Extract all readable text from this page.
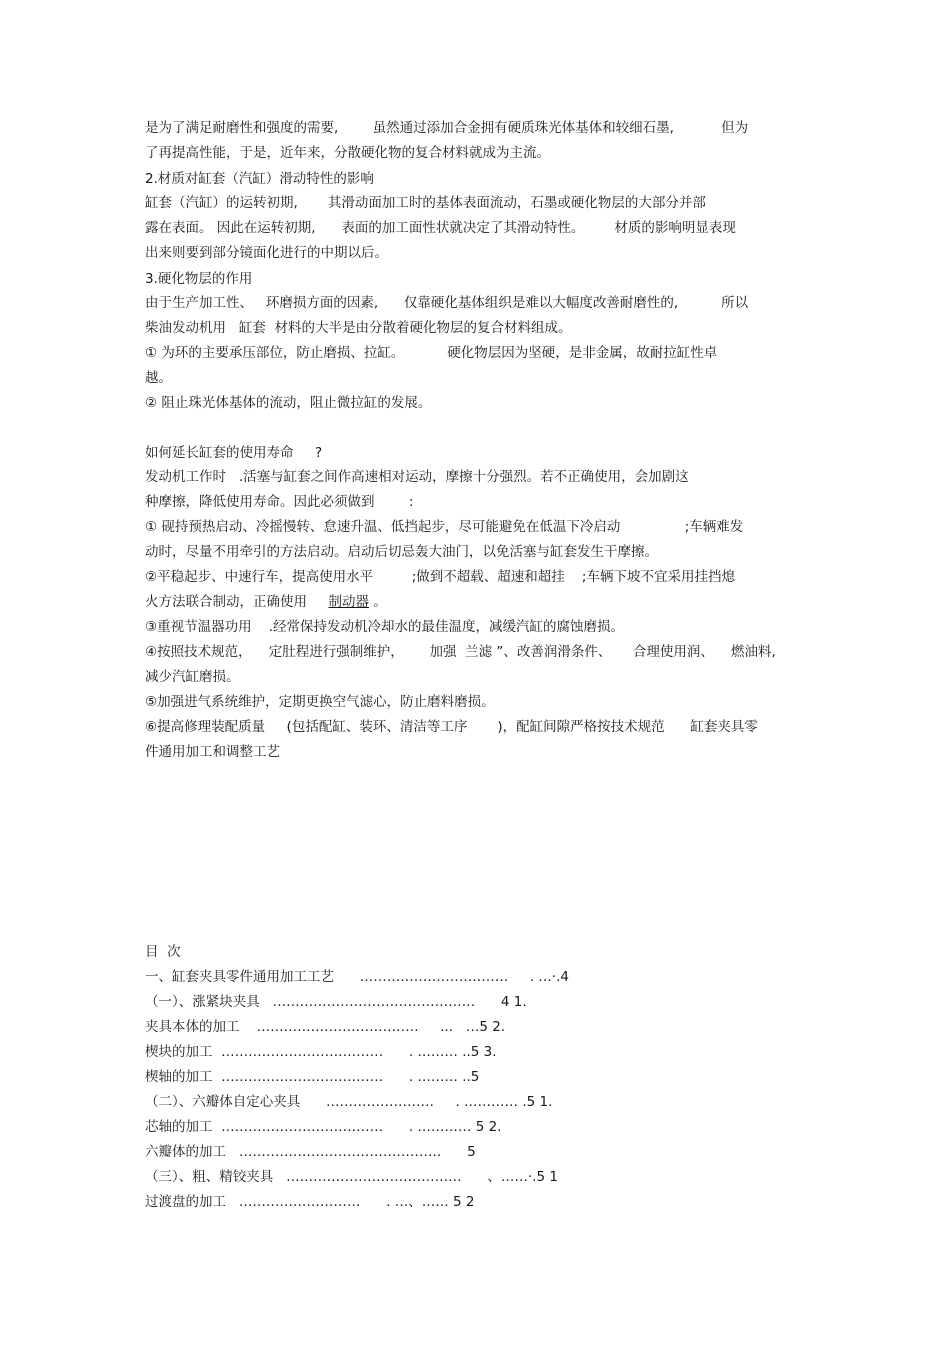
是为了满足耐磨性和强度的需要,        虽然通过添加合金拥有硬质珠光体基体和较细石墨,           但为
了再提高性能，于是，近年来，分散硬化物的复合材料就成为主流。
2.材质对缸套（汽缸）滑动特性的影响
缸套（汽缸）的运转初期,       其滑动面加工时的基体表面流动，石墨或硬化物层的大部分并部
露在表面。 因此在运转初期,      表面的加工面性状就决定了其滑动特性。       材质的影响明显表现
出来则要到部分镜面化进行的中期以后。
3.硬化物层的作用
由于生产加工性、   环磨损方面的因素,      仅靠硬化基体组织是难以大幅度改善耐磨性的,          所以
柴油发动机用   缸套  材料的大半是由分散着硬化物层的复合材料组成。
① 为环的主要承压部位，防止磨损、拉缸。          硬化物层因为坚硬，是非金属，故耐拉缸性卓
越。
② 阻止珠光体基体的流动，阻止微拉缸的发展。
如何延长缸套的使用寿命     ?
发动机工作时   .活塞与缸套之间作高速相对运动，摩擦十分强烈。若不正确使用，会加剧这
种摩擦，降低使用寿命。因此必须做到        :
① 砚持预热启动、冷摇慢转、怠速升温、低挡起步，尽可能避免在低温下冷启动               ;车辆难发
动时，尽量不用牵引的方法启动。启动后切忌轰大油门，以免活塞与缸套发生干摩擦。
②平稳起步、中速行车，提高使用水平         ;做到不超载、超速和超挂    ;车辆下坡不宜采用挂挡熄
火方法联合制动，正确使用     制动器 。
③重视节温器功用    .经常保持发动机冷却水的最佳温度，减缓汽缸的腐蚀磨损。
④按照技术规范，    定肚程进行强制维护，      加强  兰滤 ”、改善润滑条件、     合理使用润、    燃油料,
减少汽缸磨损。
⑤加强进气系统维护，定期更换空气滤心，防止磨料磨损。
⑥提高修理装配质量     (包括配缸、装环、清洁等工序       )，配缸间隙严格按技术规范      缸套夹具零
件通用加工和调整工艺
目  次
一、缸套夹具零件通用加工工艺      ……………………………     . …·.4
（一）、涨紧块夹具   ………………………………………      4 1.
夹具本体的加工    ………………………………     ...   …5 2.
楔块的加工  ………………………………      . ……… ..5 3.
楔轴的加工  ………………………………      . ……… ..5
（二）、六瓣体自定心夹具      ……………………     . ………… .5 1.
芯轴的加工  ………………………………      . ………… 5 2.
六瓣体的加工   ………………………………………      5
（三）、粗、精铰夹具   …………………………………      、……·.5 1
过渡盘的加工   ………………………      . …、…… 5 2
